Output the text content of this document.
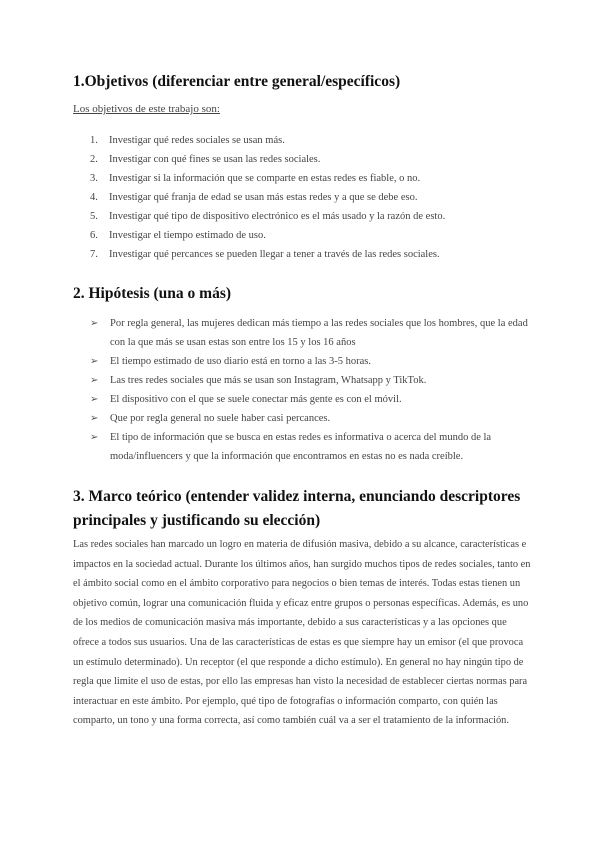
1.Objetivos (diferenciar entre general/específicos)

Los objetivos de este trabajo son:

1. Investigar qué redes sociales se usan más.
2. Investigar con qué fines se usan las redes sociales.
3. Investigar si la información que se comparte en estas redes es fiable, o no.
4. Investigar qué franja de edad se usan más estas redes y a que se debe eso.
5. Investigar qué tipo de dispositivo electrónico es el más usado y la razón de esto.
6. Investigar el tiempo estimado de uso.
7. Investigar qué percances se pueden llegar a tener a través de las redes sociales.
2. Hipótesis (una o más)
➢ Por regla general, las mujeres dedican más tiempo a las redes sociales que los hombres, que la edad con la que más se usan estas son entre los 15 y los 16 años
➢ El tiempo estimado de uso diario está en torno a las 3-5 horas.
➢ Las tres redes sociales que más se usan son Instagram, Whatsapp y TikTok.
➢ El dispositivo con el que se suele conectar más gente es con el móvil.
➢ Que por regla general no suele haber casi percances.
➢ El tipo de información que se busca en estas redes es informativa o acerca del mundo de la moda/influencers y que la información que encontramos en estas no es nada creíble.
3. Marco teórico (entender validez interna, enunciando descriptores principales y justificando su elección)

Las redes sociales han marcado un logro en materia de difusión masiva, debido a su alcance, características e impactos en la sociedad actual. Durante los últimos años, han surgido muchos tipos de redes sociales, tanto en el ámbito social como en el ámbito corporativo para negocios o bien temas de interés. Todas estas tienen un objetivo común, lograr una comunicación fluida y eficaz entre grupos o personas específicas. Además, es uno de los medios de comunicación masiva más importante, debido a sus características y a las opciones que ofrece a todos sus usuarios. Una de las características de estas es que siempre hay un emisor (el que provoca un estímulo determinado). Un receptor (el que responde a dicho estímulo). En general no hay ningún tipo de regla que limite el uso de estas, por ello las empresas han visto la necesidad de establecer ciertas normas para interactuar en este ámbito. Por ejemplo, qué tipo de fotografías o información comparto, con quién las comparto, un tono y una forma correcta, así como también cuál va a ser el tratamiento de la información.
